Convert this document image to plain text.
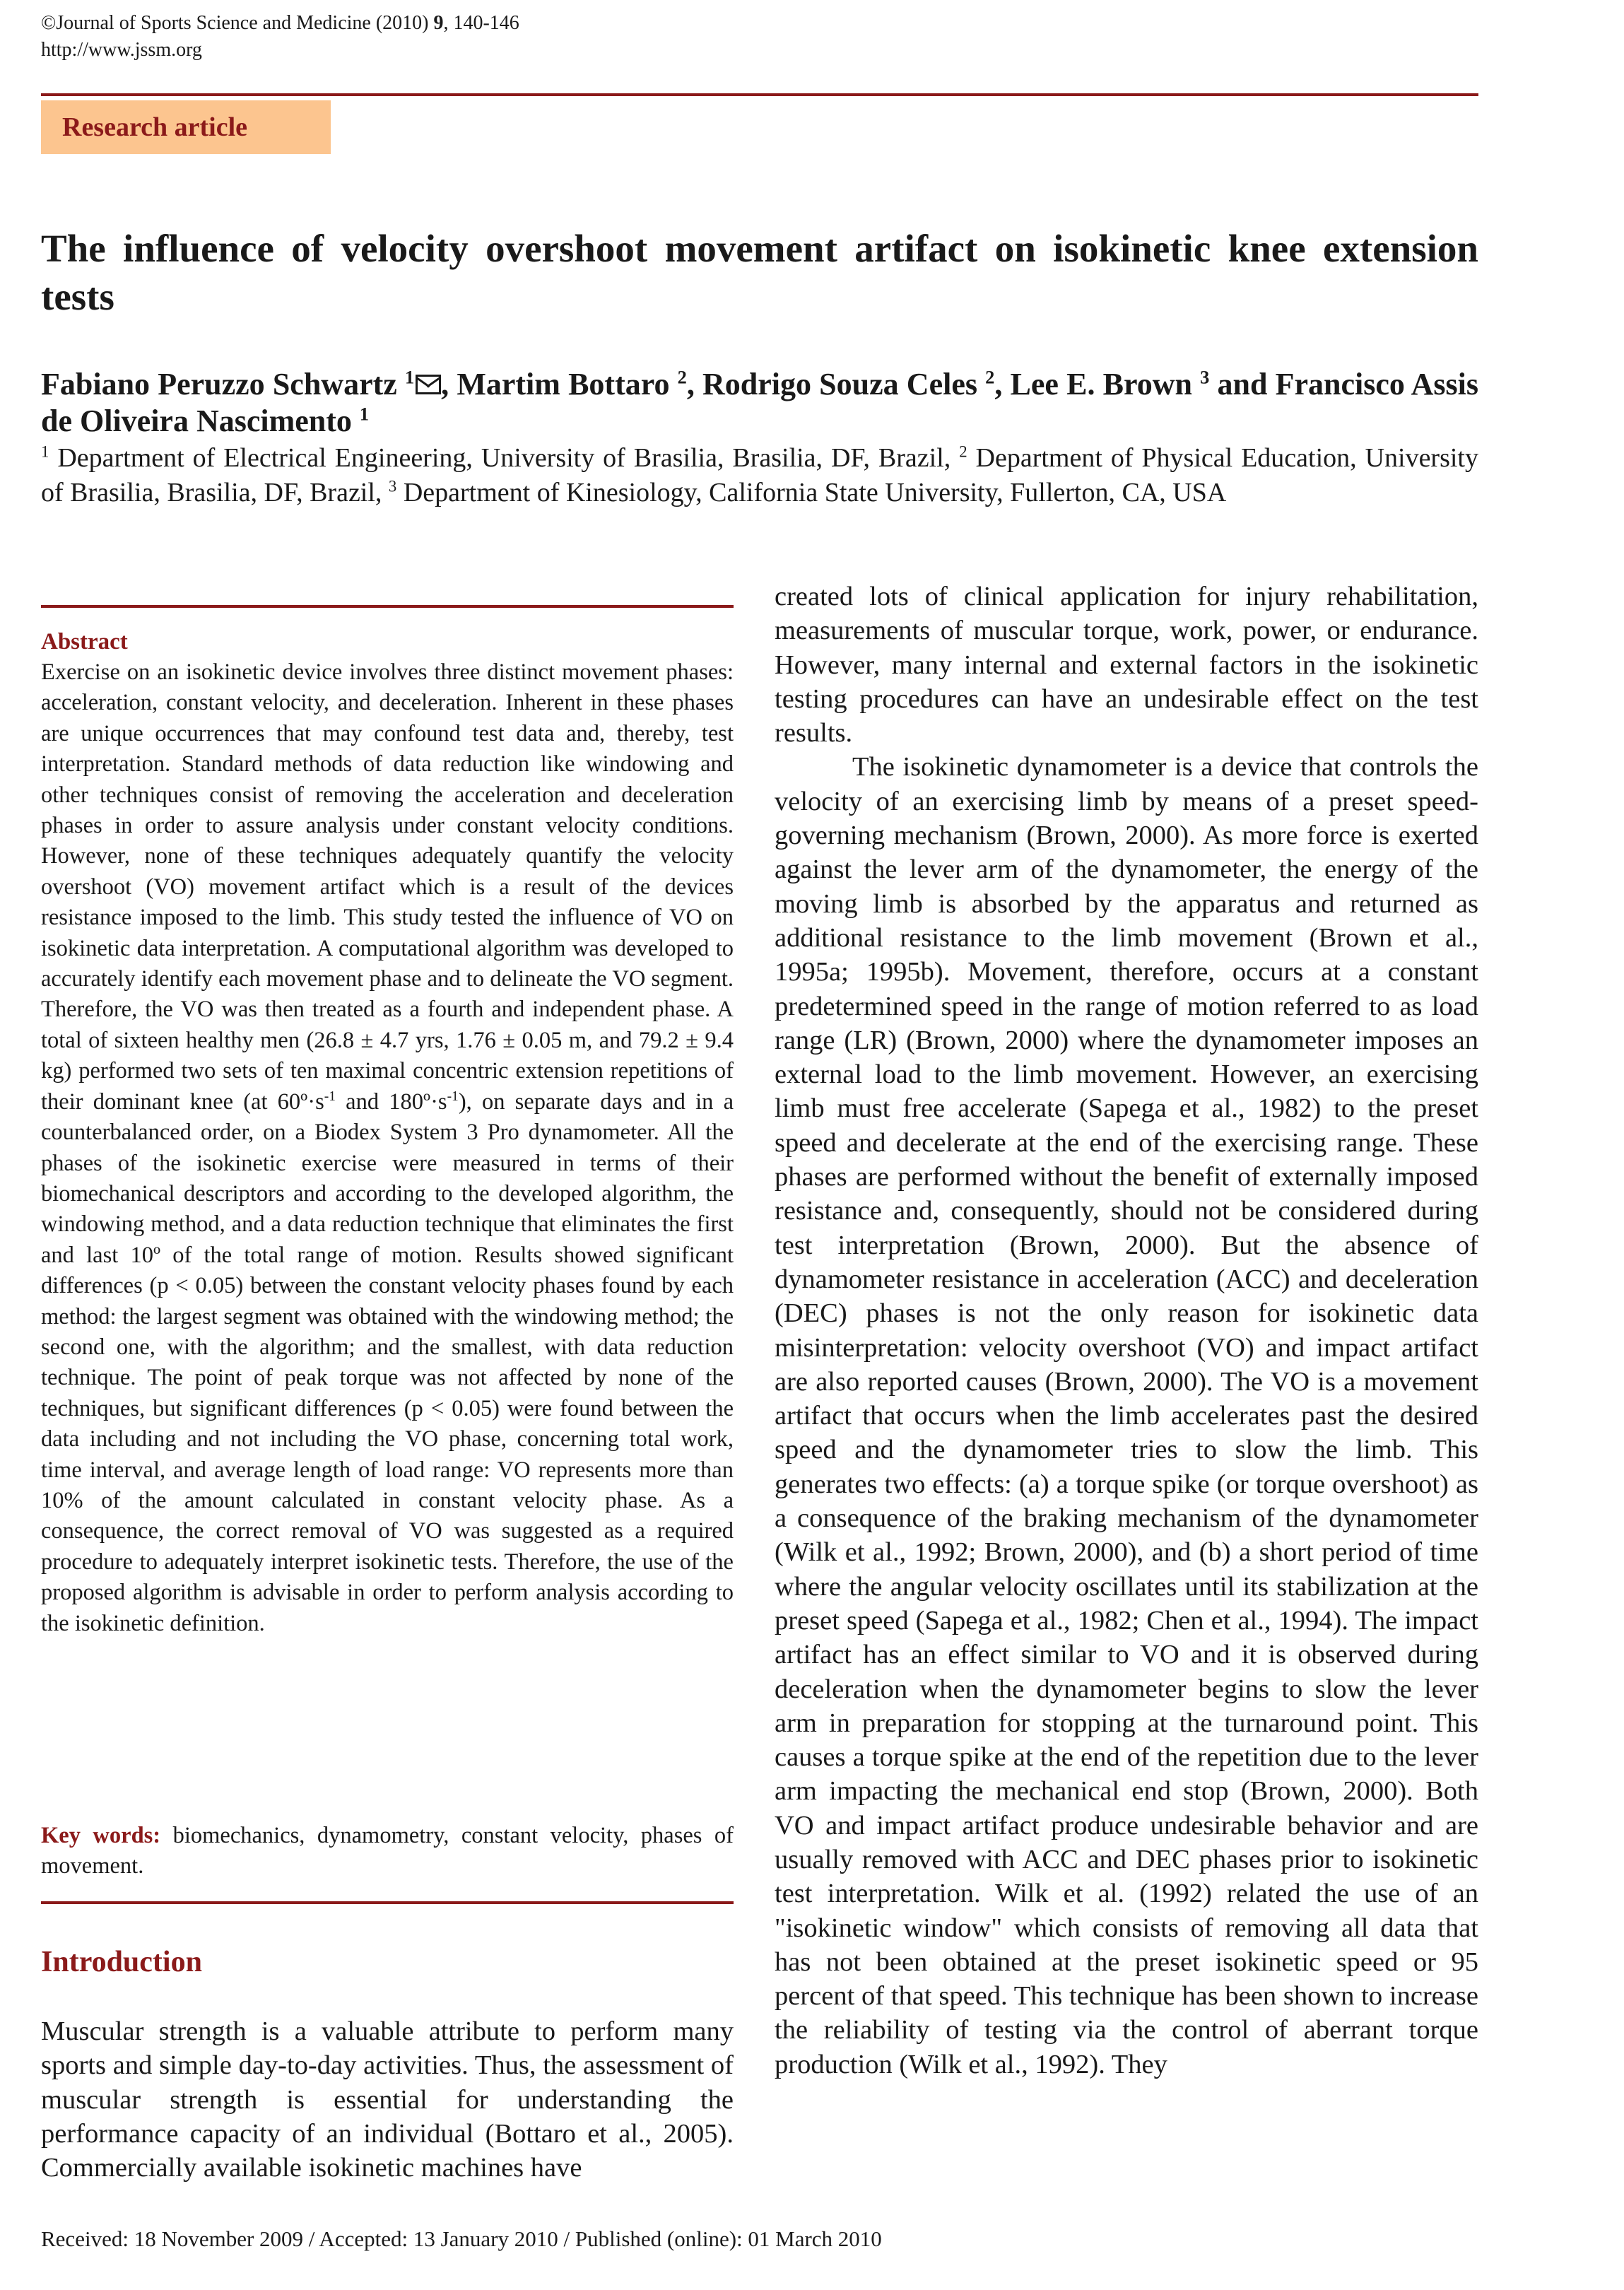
©Journal of Sports Science and Medicine (2010) 9, 140-146
http://www.jssm.org
Research article
The influence of velocity overshoot movement artifact on isokinetic knee extension tests
Fabiano Peruzzo Schwartz $^1$ , Martim Bottaro $^2$, Rodrigo Souza Celes $^2$, Lee E. Brown $^3$ and Francisco Assis de Oliveira Nascimento $^1$
$^1$ Department of Electrical Engineering, University of Brasilia, Brasilia, DF, Brazil, $^2$ Department of Physical Education, University of Brasilia, Brasilia, DF, Brazil, $^3$ Department of Kinesiology, California State University, Fullerton, CA, USA
Abstract
Exercise on an isokinetic device involves three distinct movement phases: acceleration, constant velocity, and deceleration. Inherent in these phases are unique occurrences that may confound test data and, thereby, test interpretation. Standard methods of data reduction like windowing and other techniques consist of removing the acceleration and deceleration phases in order to assure analysis under constant velocity conditions. However, none of these techniques adequately quantify the velocity overshoot (VO) movement artifact which is a result of the devices resistance imposed to the limb. This study tested the influence of VO on isokinetic data interpretation. A computational algorithm was developed to accurately identify each movement phase and to delineate the VO segment. Therefore, the VO was then treated as a fourth and independent phase. A total of sixteen healthy men (26.8 ± 4.7 yrs, 1.76 ± 0.05 m, and 79.2 ± 9.4 kg) performed two sets of ten maximal concentric extension repetitions of their dominant knee (at $60º\cdot s^{-1}$ and $180º\cdot s^{-1}$), on separate days and in a counterbalanced order, on a Biodex System 3 Pro dynamometer. All the phases of the isokinetic exercise were measured in terms of their biomechanical descriptors and according to the developed algorithm, the windowing method, and a data reduction technique that eliminates the first and last 10º of the total range of motion. Results showed significant differences (p < 0.05) between the constant velocity phases found by each method: the largest segment was obtained with the windowing method; the second one, with the algorithm; and the smallest, with data reduction technique. The point of peak torque was not affected by none of the techniques, but significant differences (p < 0.05) were found between the data including and not including the VO phase, concerning total work, time interval, and average length of load range: VO represents more than 10% of the amount calculated in constant velocity phase. As a consequence, the correct removal of VO was suggested as a required procedure to adequately interpret isokinetic tests. Therefore, the use of the proposed algorithm is advisable in order to perform analysis according to the isokinetic definition.
Key words: biomechanics, dynamometry, constant velocity, phases of movement.
Introduction

Muscular strength is a valuable attribute to perform many sports and simple day-to-day activities. Thus, the assessment of muscular strength is essential for understanding the performance capacity of an individual (Bottaro et al., 2005). Commercially available isokinetic machines have

created lots of clinical application for injury rehabilitation, measurements of muscular torque, work, power, or endurance. However, many internal and external factors in the isokinetic testing procedures can have an undesirable effect on the test results.

The isokinetic dynamometer is a device that controls the velocity of an exercising limb by means of a preset speed-governing mechanism (Brown, 2000). As more force is exerted against the lever arm of the dynamometer, the energy of the moving limb is absorbed by the apparatus and returned as additional resistance to the limb movement (Brown et al., 1995a; 1995b). Movement, therefore, occurs at a constant predetermined speed in the range of motion referred to as load range (LR) (Brown, 2000) where the dynamometer imposes an external load to the limb movement. However, an exercising limb must free accelerate (Sapega et al., 1982) to the preset speed and decelerate at the end of the exercising range. These phases are performed without the benefit of externally imposed resistance and, consequently, should not be considered during test interpretation (Brown, 2000). But the absence of dynamometer resistance in acceleration (ACC) and deceleration (DEC) phases is not the only reason for isokinetic data misinterpretation: velocity overshoot (VO) and impact artifact are also reported causes (Brown, 2000). The VO is a movement artifact that occurs when the limb accelerates past the desired speed and the dynamometer tries to slow the limb. This generates two effects: (a) a torque spike (or torque overshoot) as a consequence of the braking mechanism of the dynamometer (Wilk et al., 1992; Brown, 2000), and (b) a short period of time where the angular velocity oscillates until its stabilization at the preset speed (Sapega et al., 1982; Chen et al., 1994). The impact artifact has an effect similar to VO and it is observed during deceleration when the dynamometer begins to slow the lever arm in preparation for stopping at the turnaround point. This causes a torque spike at the end of the repetition due to the lever arm impacting the mechanical end stop (Brown, 2000). Both VO and impact artifact produce undesirable behavior and are usually removed with ACC and DEC phases prior to isokinetic test interpretation. Wilk et al. (1992) related the use of an "isokinetic window" which consists of removing all data that has not been obtained at the preset isokinetic speed or 95 percent of that speed. This technique has been shown to increase the reliability of testing via the control of aberrant torque production (Wilk et al., 1992). They

Received: 18 November 2009 / Accepted: 13 January 2010 / Published (online): 01 March 2010
